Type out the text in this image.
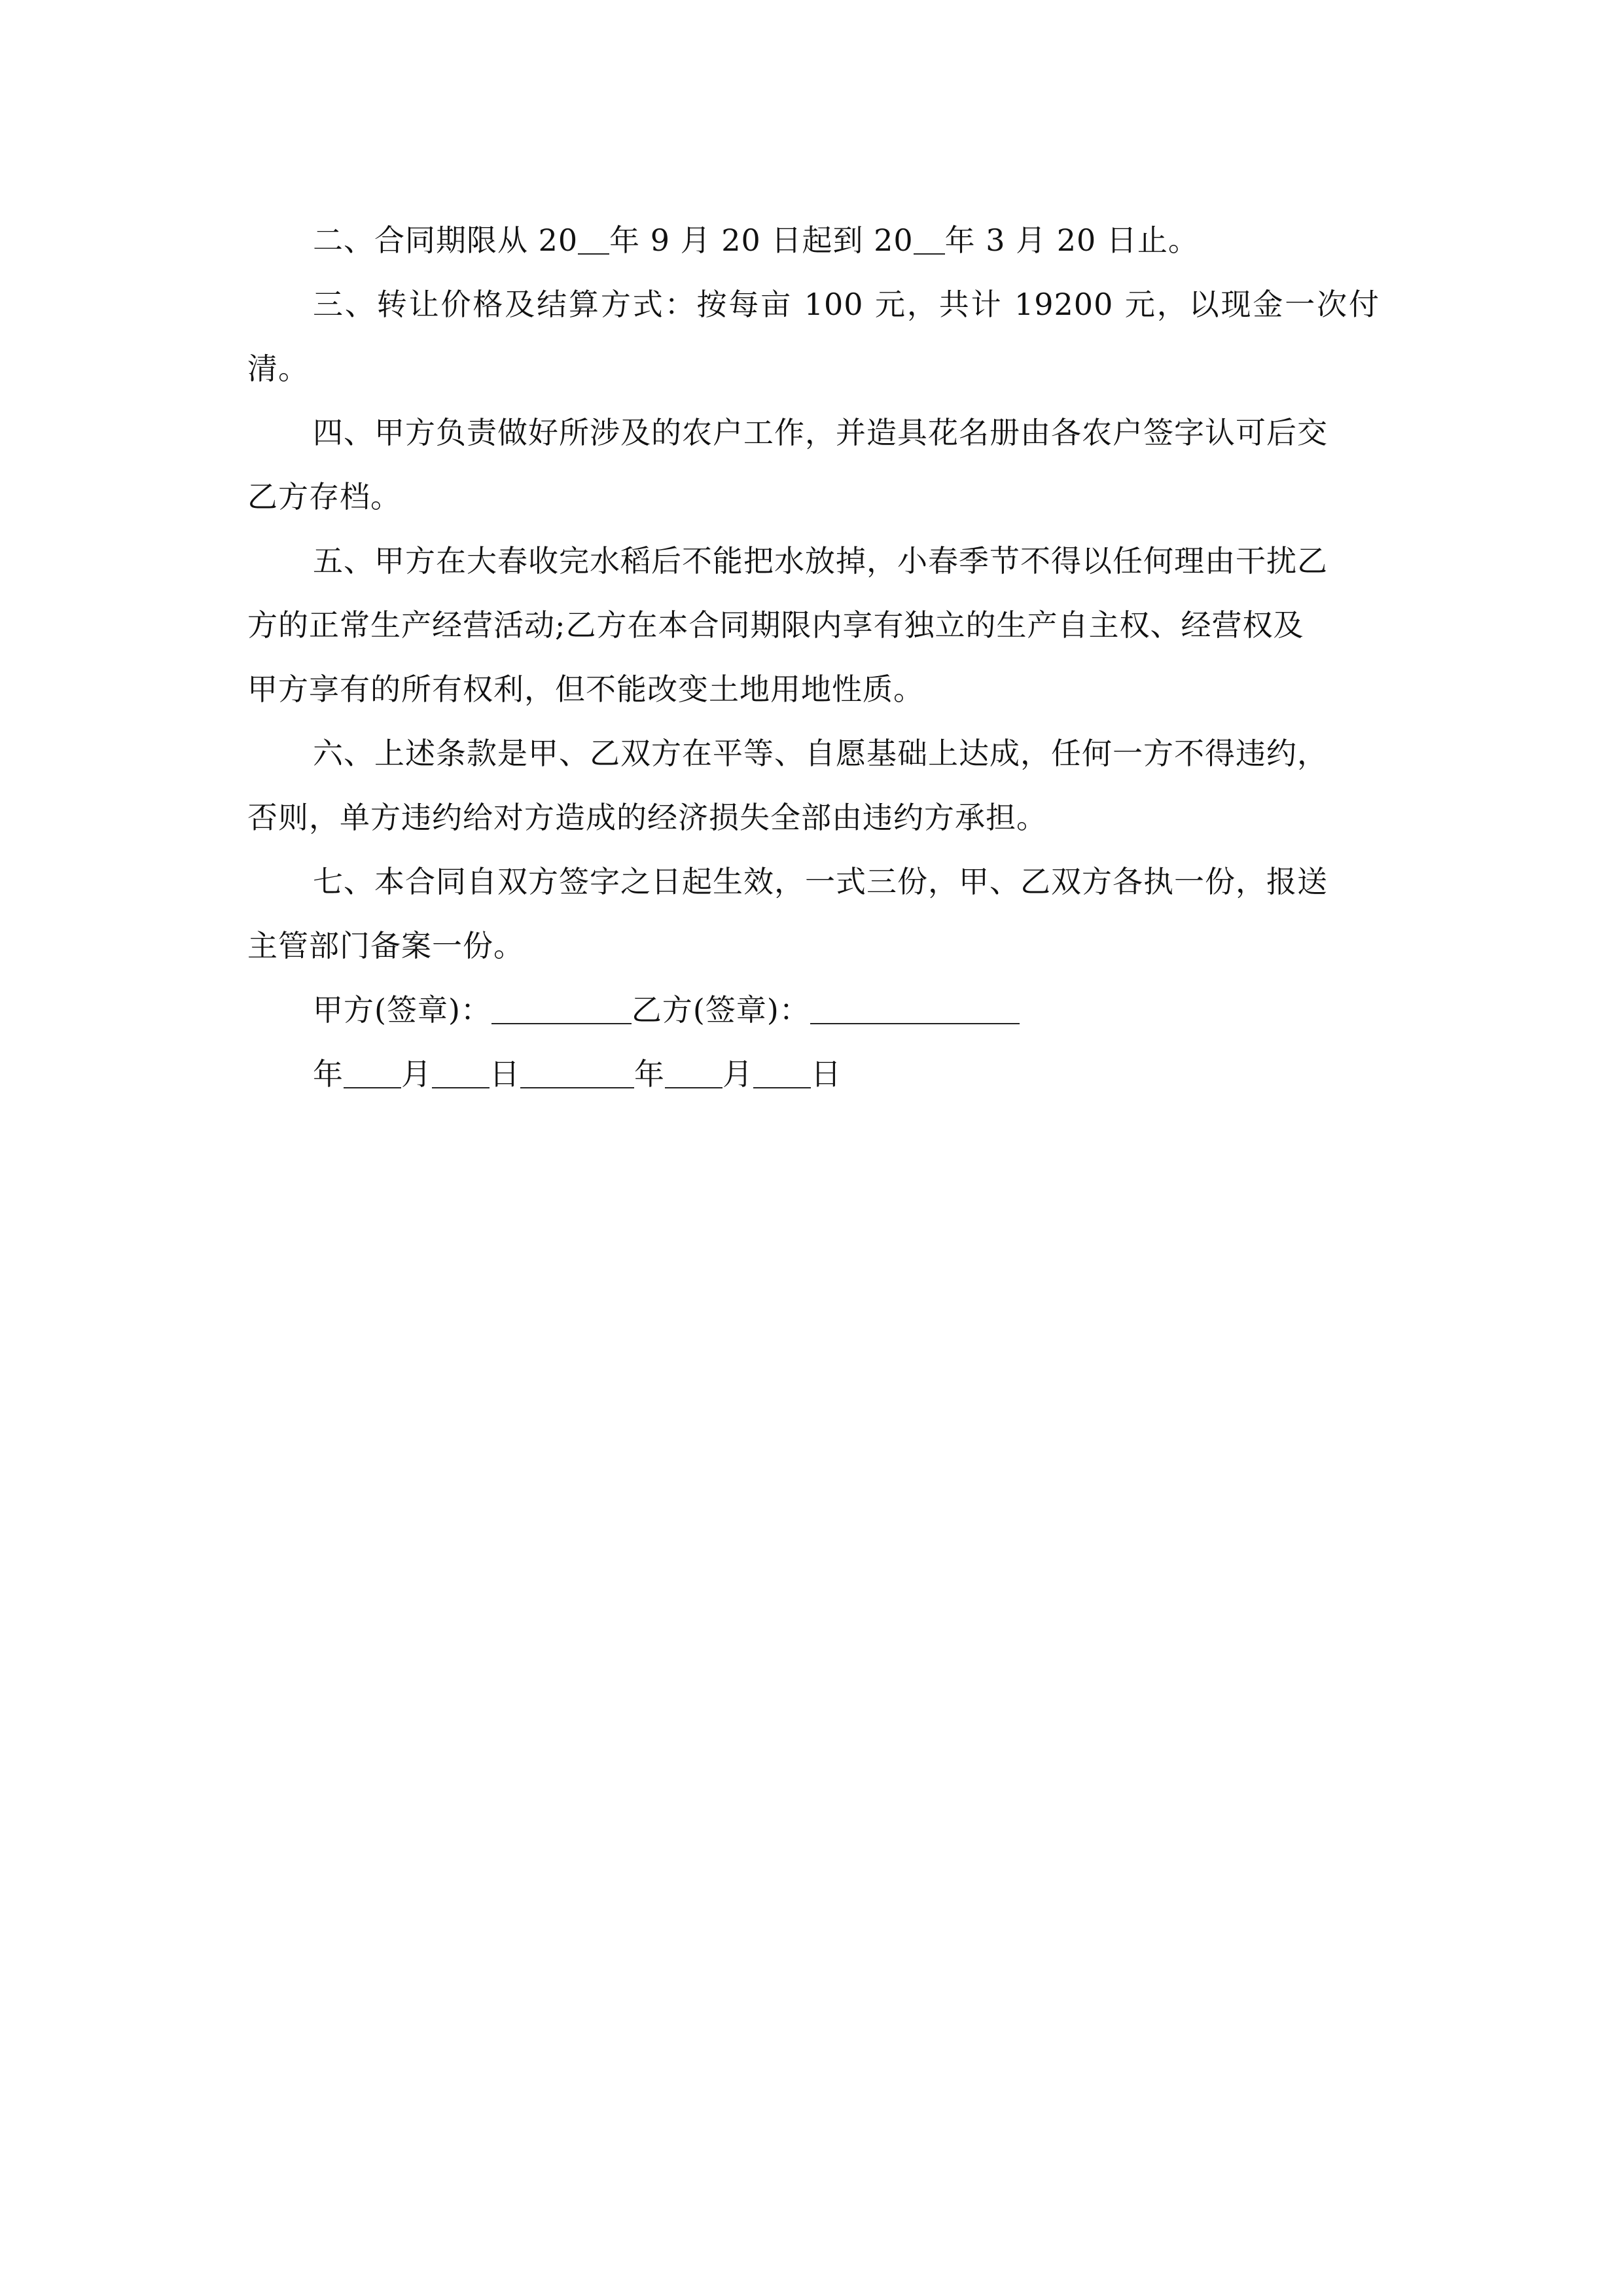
二、合同期限从 20 年 9 月 20 日起到 20 年 3 月 20 日止。

三、转让价格及结算方式：按每亩 100 元，共计 19200 元，以现金一次付清。

四、甲方负责做好所涉及的农户工作，并造具花名册由各农户签字认可后交
乙方存档。

五、甲方在大春收完水稻后不能把水放掉，小春季节不得以任何理由干扰乙
方的正常生产经营活动;乙方在本合同期限内享有独立的生产自主权、经营权及
甲方享有的所有权利，但不能改变土地用地性质。

六、上述条款是甲、乙双方在平等、自愿基础上达成，任何一方不得违约，
否则，单方违约给对方造成的经济损失全部由违约方承担。

七、本合同自双方签字之日起生效，一式三份，甲、乙双方各执一份，报送
主管部门备案一份。

甲方(签章)：	乙方(签章)：

年 月 日	年 月 日
